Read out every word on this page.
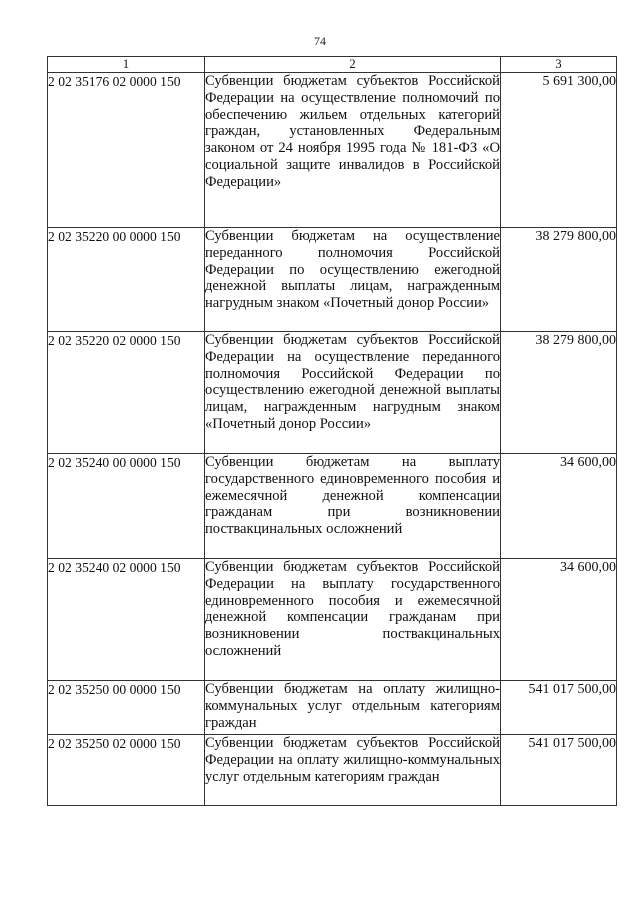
74
1	2	3
2 02 35176 02 0000 150	Субвенции бюджетам субъектов Российской Федерации на осуществление полномочий по обеспечению жильем отдельных категорий граждан, установленных Федеральным законом от 24 ноября 1995 года № 181-ФЗ «О социальной защите инвалидов в Российской Федерации»	5 691 300,00
2 02 35220 00 0000 150	Субвенции бюджетам на осуществление переданного полномочия Российской Федерации по осуществлению ежегодной денежной выплаты лицам, награжденным нагрудным знаком «Почетный донор России»	38 279 800,00
2 02 35220 02 0000 150	Субвенции бюджетам субъектов Российской Федерации на осуществление переданного полномочия Российской Федерации по осуществлению ежегодной денежной выплаты лицам, награжденным нагрудным знаком «Почетный донор России»	38 279 800,00
2 02 35240 00 0000 150	Субвенции бюджетам на выплату государственного единовременного пособия и ежемесячной денежной компенсации гражданам при возникновении поствакцинальных осложнений	34 600,00
2 02 35240 02 0000 150	Субвенции бюджетам субъектов Российской Федерации на выплату государственного единовременного пособия и ежемесячной денежной компенсации гражданам при возникновении поствакцинальных осложнений	34 600,00
2 02 35250 00 0000 150	Субвенции бюджетам на оплату жилищно-коммунальных услуг отдельным категориям граждан	541 017 500,00
2 02 35250 02 0000 150	Субвенции бюджетам субъектов Российской Федерации на оплату жилищно-коммунальных услуг отдельным категориям граждан	541 017 500,00
